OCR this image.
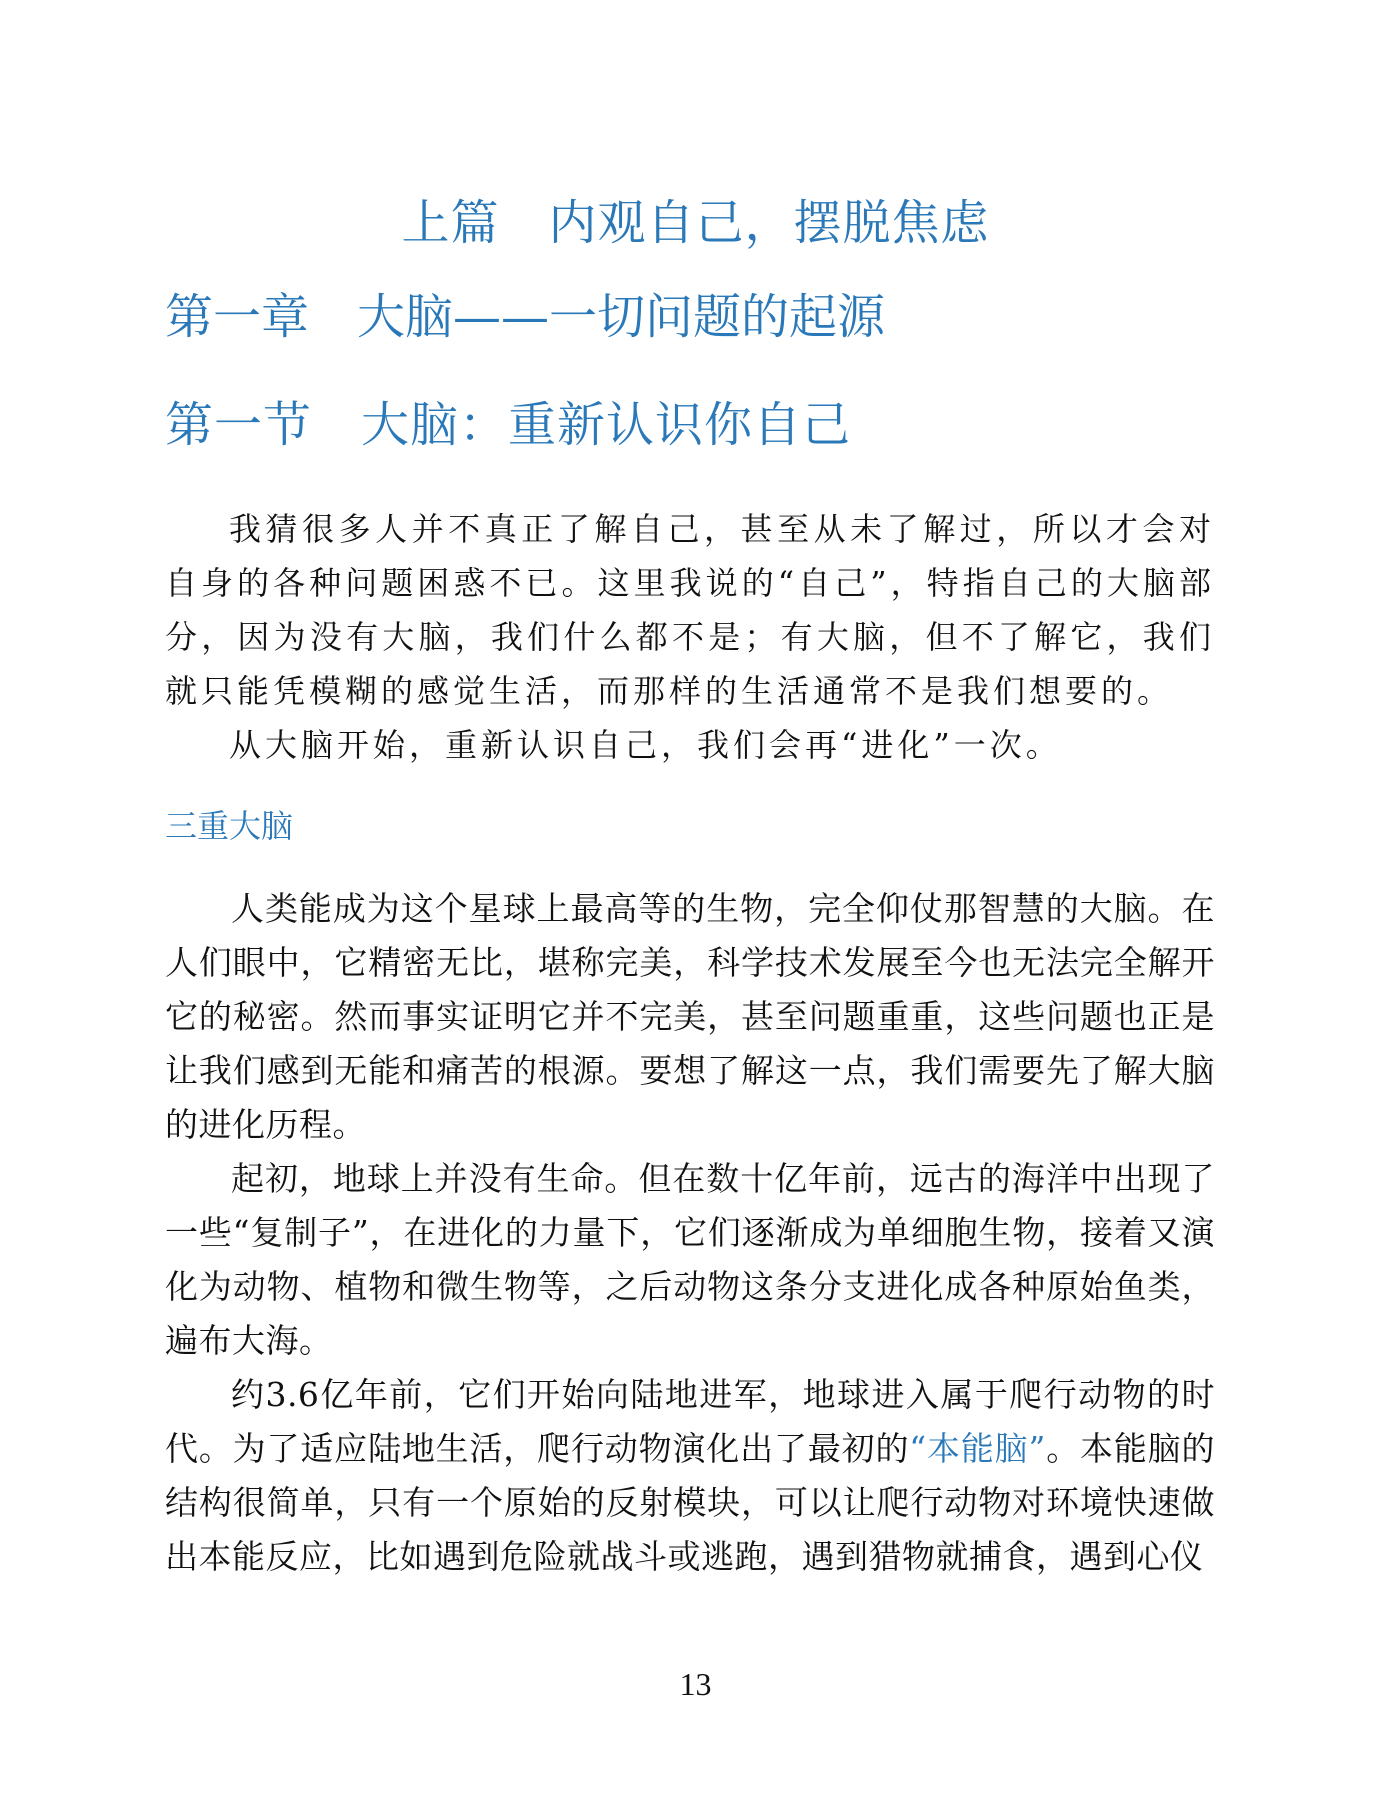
上篇　内观自己，摆脱焦虑
第一章　大脑——一切问题的起源
第一节　大脑：重新认识你自己

我猜很多人并不真正了解自己，甚至从未了解过，所以才会对自身的各种问题困惑不已。这里我说的“自己”，特指自己的大脑部分，因为没有大脑，我们什么都不是；有大脑，但不了解它，我们就只能凭模糊的感觉生活，而那样的生活通常不是我们想要的。

从大脑开始，重新认识自己，我们会再“进化”一次。

三重大脑

人类能成为这个星球上最高等的生物，完全仰仗那智慧的大脑。在人们眼中，它精密无比，堪称完美，科学技术发展至今也无法完全解开它的秘密。然而事实证明它并不完美，甚至问题重重，这些问题也正是让我们感到无能和痛苦的根源。要想了解这一点，我们需要先了解大脑的进化历程。

起初，地球上并没有生命。但在数十亿年前，远古的海洋中出现了一些“复制子”，在进化的力量下，它们逐渐成为单细胞生物，接着又演化为动物、植物和微生物等，之后动物这条分支进化成各种原始鱼类，遍布大海。

约3.6亿年前，它们开始向陆地进军，地球进入属于爬行动物的时代。为了适应陆地生活，爬行动物演化出了最初的“本能脑”。本能脑的结构很简单，只有一个原始的反射模块，可以让爬行动物对环境快速做出本能反应，比如遇到危险就战斗或逃跑，遇到猎物就捕食，遇到心仪

13
